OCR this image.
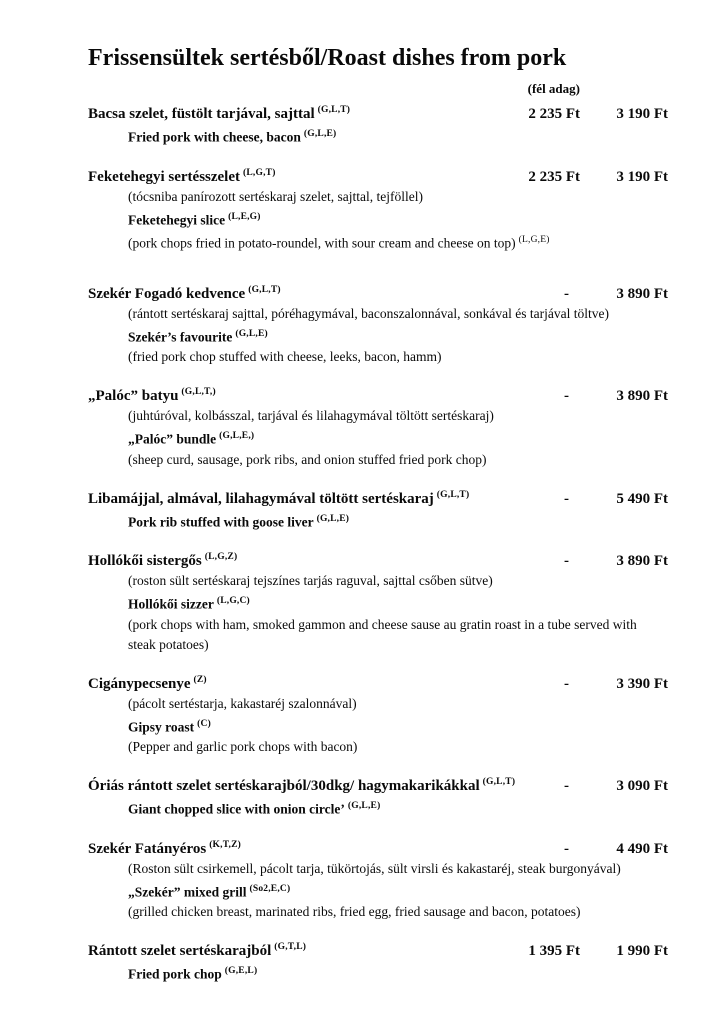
Frissensültek sertésből/Roast dishes from pork
(fél adag)
Bacsa szelet, füstölt tarjával, sajttal $^{(G,L,T)}$	2 235 Ft	3 190 Ft
Fried pork with cheese, bacon $^{(G,L,E)}$
Feketehegyi sertésszelet $^{(L,G,T)}$	2 235 Ft	3 190 Ft
(tócsniba panírozott sertéskaraj szelet, sajttal, tejföllel)
Feketehegyi slice $^{(L,E,G)}$
(pork chops fried in potato-roundel, with sour cream and cheese on top) $^{(L,G,E)}$
Szekér Fogadó kedvence $^{(G,L,T)}$	-	3 890 Ft
(rántott sertéskaraj sajttal, póréhagymával, baconszalonnával, sonkával és tarjával töltve)
Szekér’s favourite $^{(G,L,E)}$
(fried pork chop stuffed with cheese, leeks, bacon, hamm)
„Palóc” batyu $^{(G,L,T,)}$	-	3 890 Ft
(juhtúróval, kolbásszal, tarjával és lilahagymával töltött sertéskaraj)
„Palóc” bundle $^{(G,L,E,)}$
(sheep curd, sausage, pork ribs, and onion stuffed fried pork chop)
Libamájjal, almával, lilahagymával töltött sertéskaraj $^{(G,L,T)}$	-	5 490 Ft
Pork rib stuffed with goose liver $^{(G,L,E)}$
Hollókői sistergős $^{(L,G,Z)}$	-	3 890 Ft
(roston sült sertéskaraj tejszínes tarjás raguval, sajttal csőben sütve)
Hollókői sizzer $^{(L,G,C)}$
(pork chops with ham, smoked gammon and cheese sause au gratin roast in a tube served with
steak potatoes)
Cigánypecsenye $^{(Z)}$	-	3 390 Ft
(pácolt sertéstarja, kakastaréj szalonnával)
Gipsy roast $^{(C)}$
(Pepper and garlic pork chops with bacon)
Óriás rántott szelet sertéskarajból/30dkg/ hagymakarikákkal $^{(G,L,T)}$	-	3 090 Ft
Giant chopped slice with onion circle’ $^{(G,L,E)}$
Szekér Fatányéros $^{(K,T,Z)}$	-	4 490 Ft
(Roston sült csirkemell, pácolt tarja, tükörtojás, sült virsli és kakastaréj, steak burgonyával)
„Szekér” mixed grill $^{(So2,E,C)}$
(grilled chicken breast, marinated ribs, fried egg, fried sausage and bacon, potatoes)
Rántott szelet sertéskarajból $^{(G,T,L)}$	1 395 Ft	1 990 Ft
Fried pork chop $^{(G,E,L)}$
